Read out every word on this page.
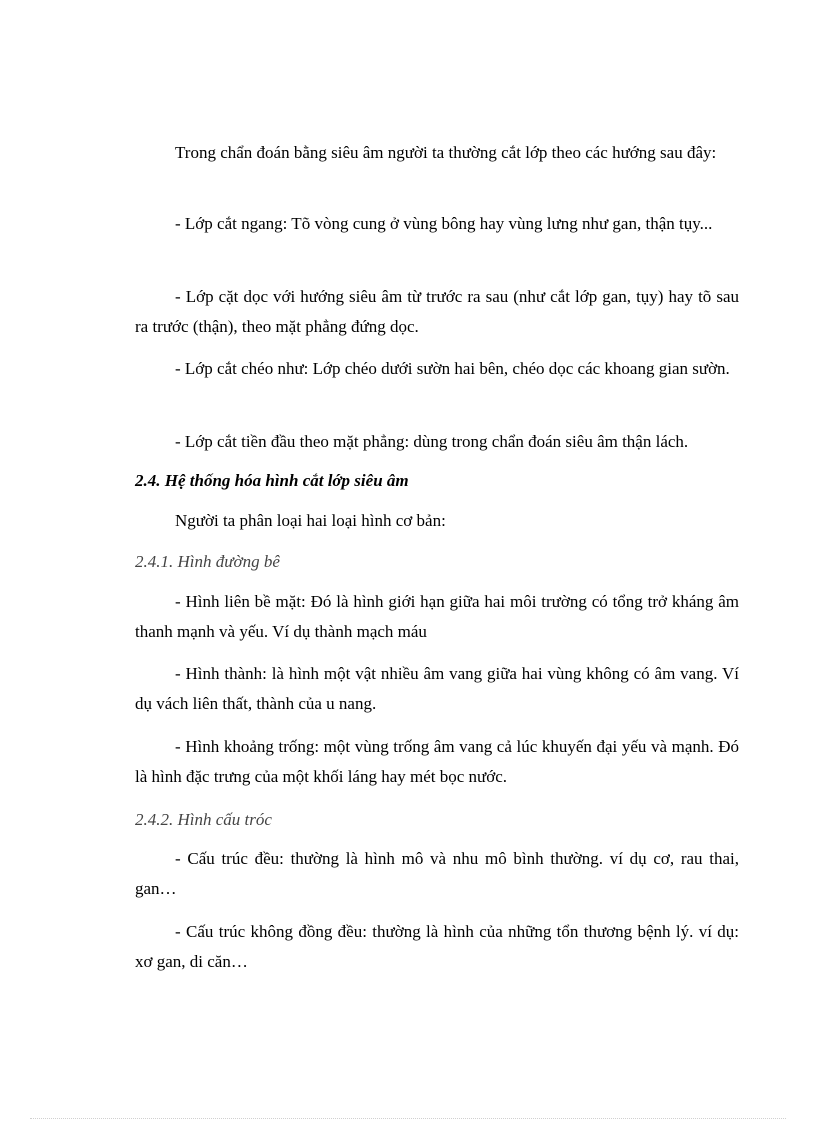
Trong chẩn đoán bằng siêu âm người ta thường cắt lớp theo các hướng sau đây:

- Lớp cắt ngang: Tõ vòng cung ở vùng bông hay vùng lưng như gan, thận tụy...

- Lớp cặt dọc với hướng siêu âm từ trước ra sau (như cắt lớp gan, tụy) hay tõ sau ra trước (thận), theo mặt phẳng đứng dọc.

- Lớp cắt chéo như: Lớp chéo dưới sườn hai bên, chéo dọc các khoang gian sườn.

- Lớp cắt tiền đầu theo mặt phẳng: dùng trong chẩn đoán siêu âm thận lách.

2.4. Hệ thống hóa hình cắt lớp siêu âm

Người ta phân loại hai loại hình cơ bản:

2.4.1. Hình đường bê

- Hình liên bề mặt: Đó là hình giới hạn giữa hai môi trường có tổng trở kháng âm thanh mạnh và yếu. Ví dụ thành mạch máu

- Hình thành: là hình một vật nhiều âm vang giữa hai vùng không có âm vang. Ví dụ vách liên thất, thành của u nang.

- Hình khoảng trống: một vùng trống âm vang cả lúc khuyến đại yếu và mạnh. Đó là hình đặc trưng của một khối láng hay mét bọc nước.

2.4.2. Hình cấu tróc

- Cấu trúc đều: thường là hình mô và nhu mô bình thường. ví dụ cơ, rau thai, gan…

- Cấu trúc không đồng đều: thường là hình của những tổn thương bệnh lý. ví dụ: xơ gan, di căn…
